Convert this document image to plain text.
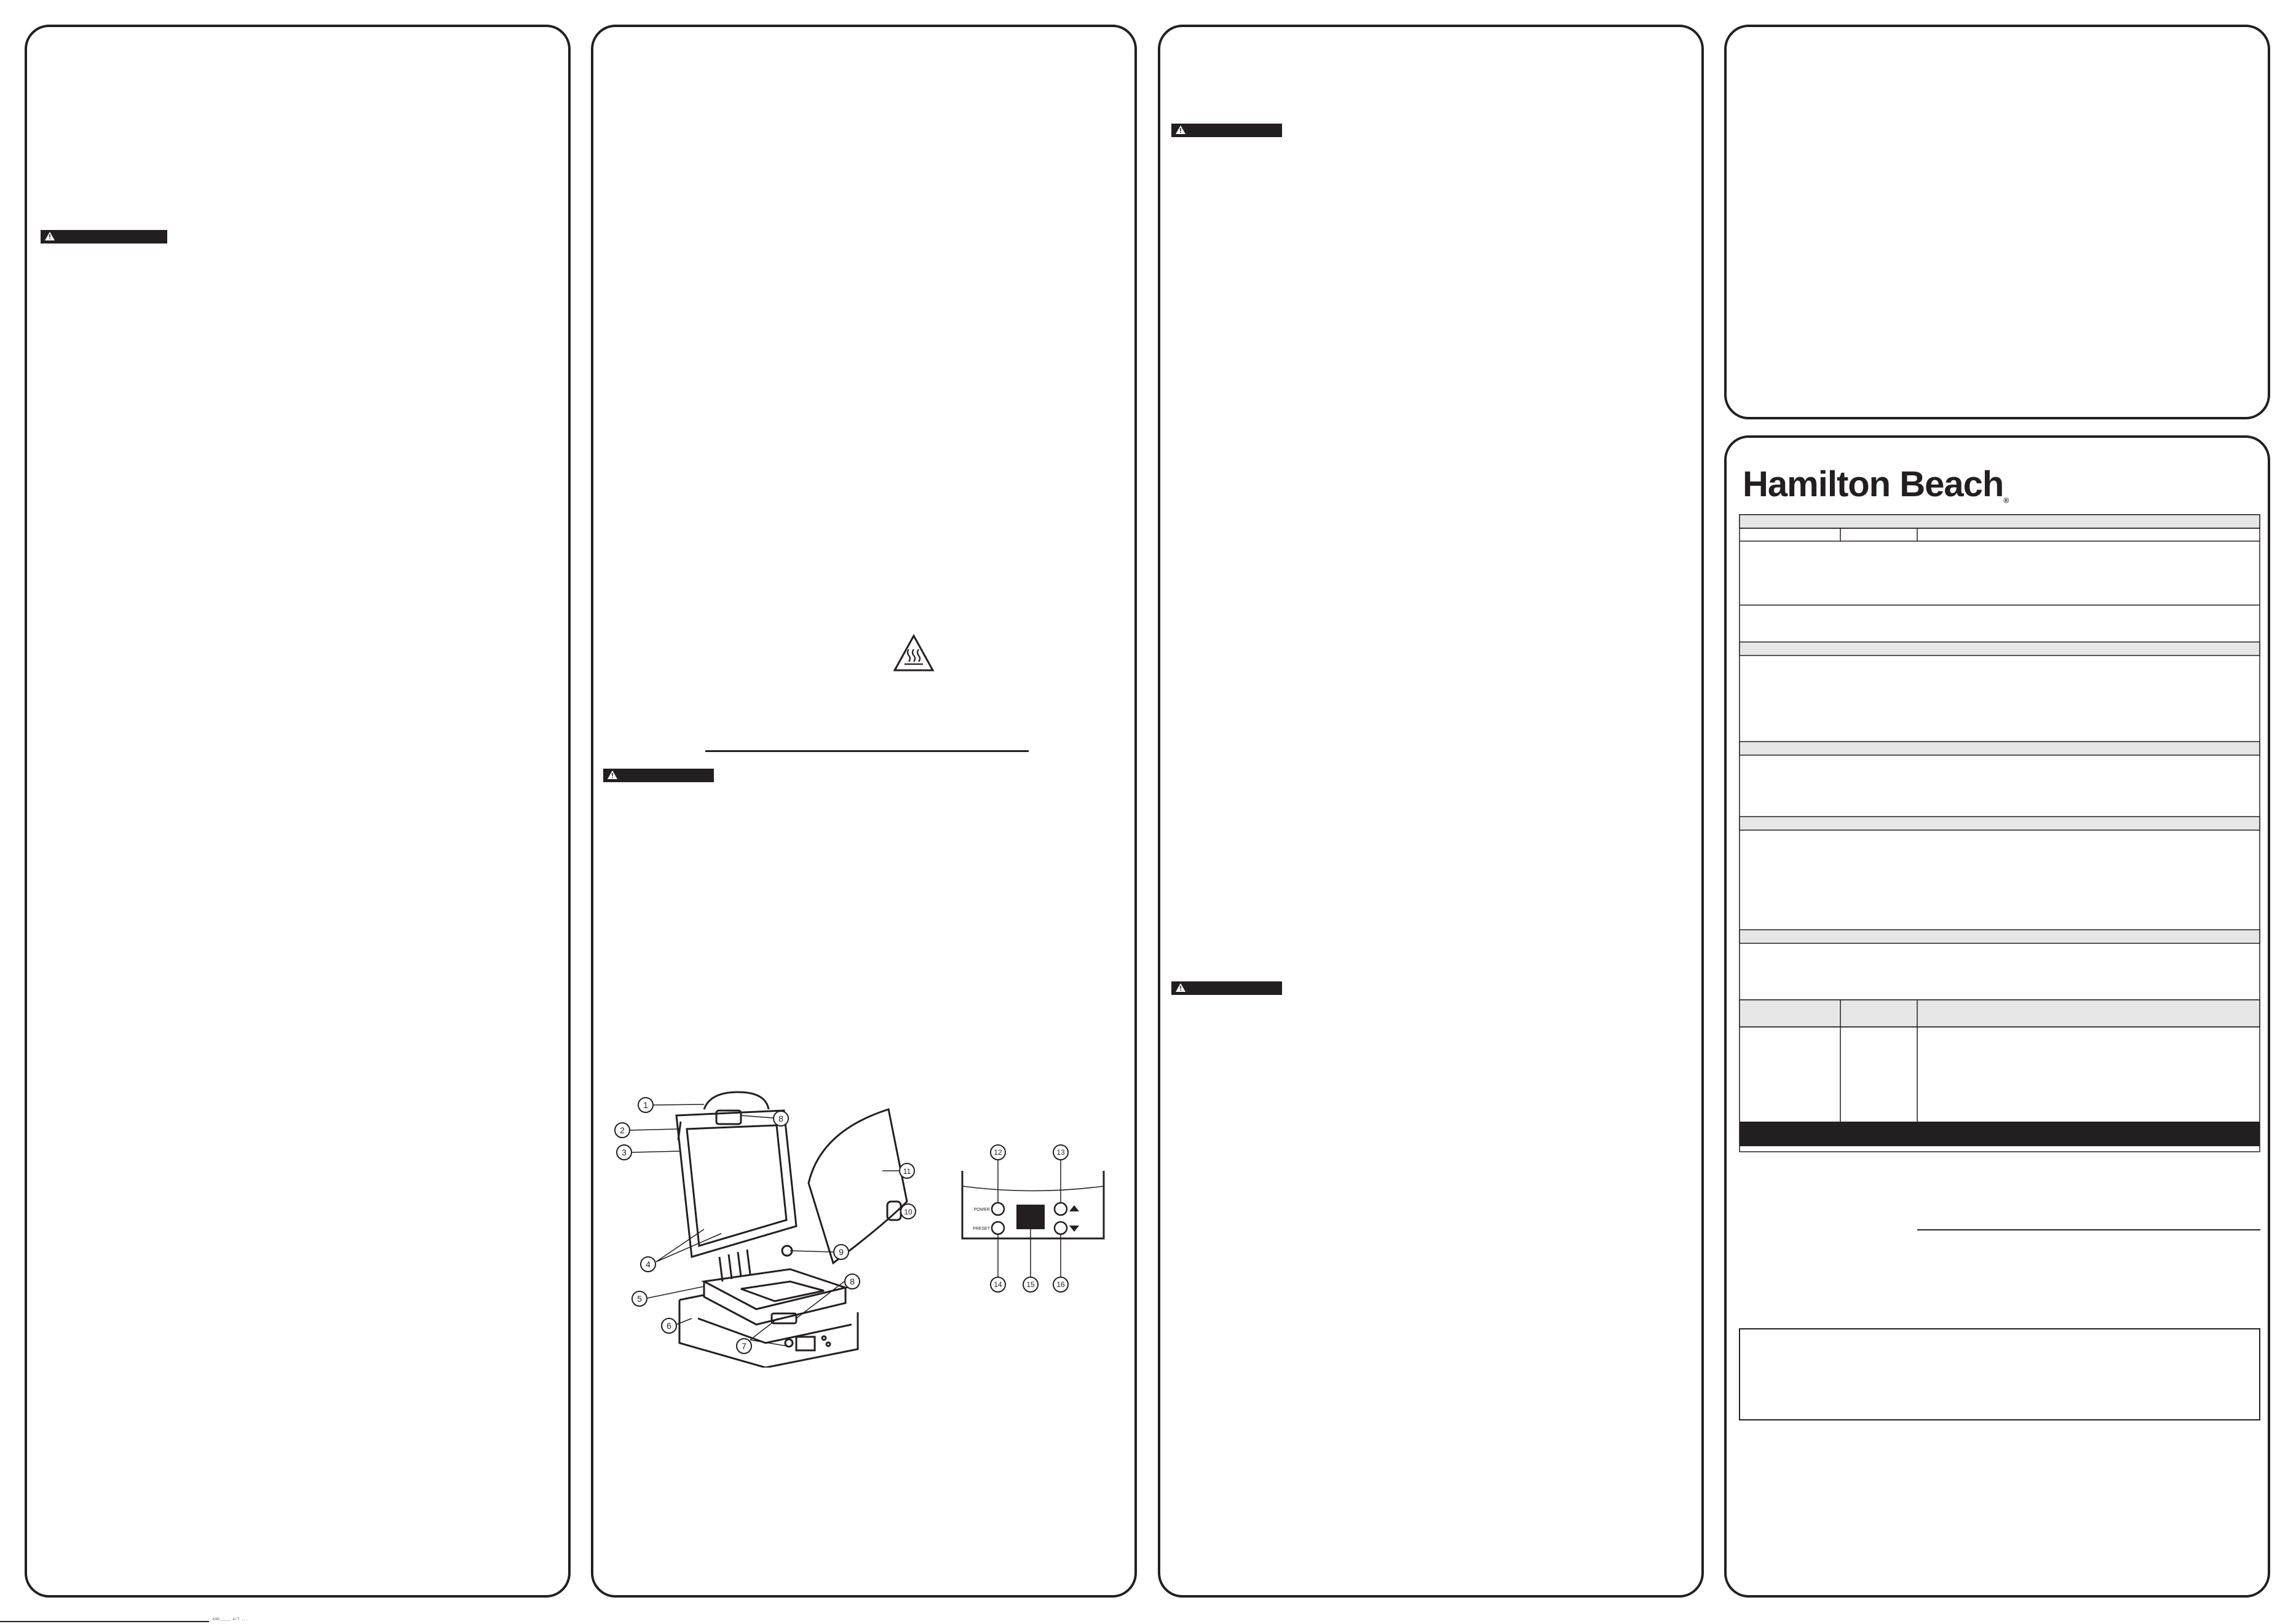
1
2
3
4
5
6
7
8
8
9
10
11
POWER
PRESET
12	13
14	15	16
Hamilton Beach®
840_____ 4/7 ...
